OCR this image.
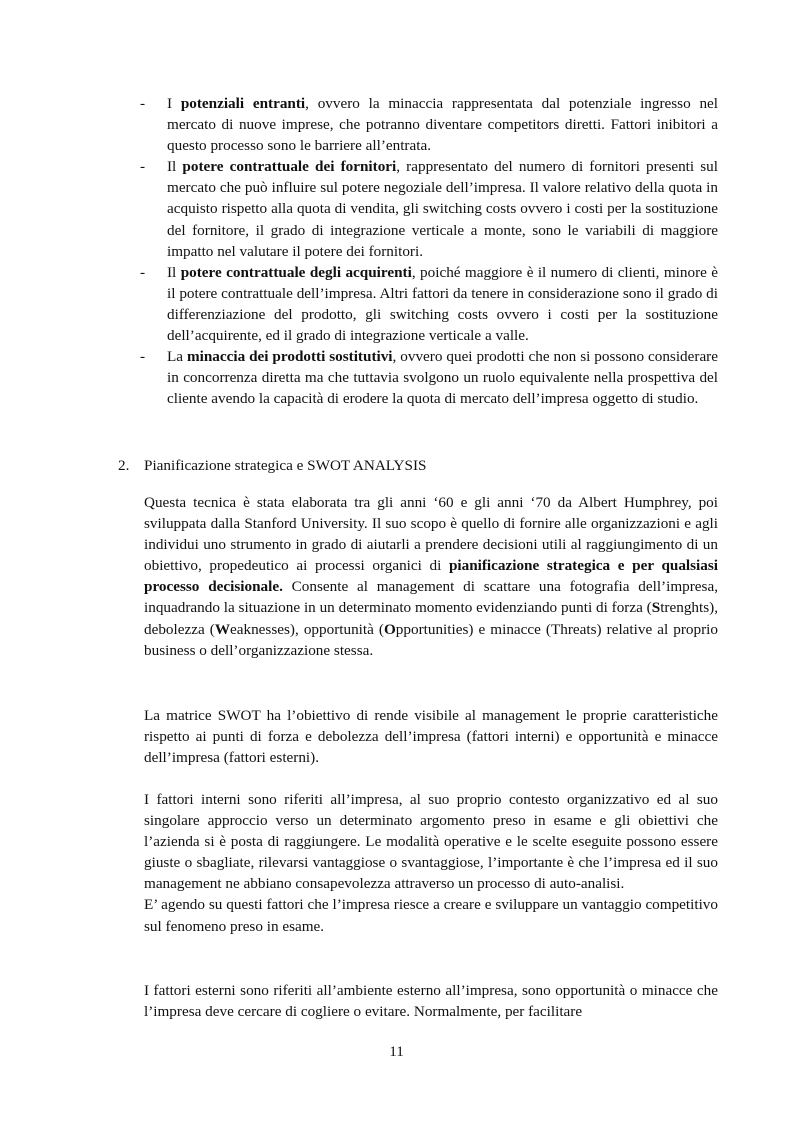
- I potenziali entranti, ovvero la minaccia rappresentata dal potenziale ingresso nel mercato di nuove imprese, che potranno diventare competitors diretti. Fattori inibitori a questo processo sono le barriere all’entrata.
- Il potere contrattuale dei fornitori, rappresentato del numero di fornitori presenti sul mercato che può influire sul potere negoziale dell’impresa. Il valore relativo della quota in acquisto rispetto alla quota di vendita, gli switching costs ovvero i costi per la sostituzione del fornitore, il grado di integrazione verticale a monte, sono le variabili di maggiore impatto nel valutare il potere dei fornitori.
- Il potere contrattuale degli acquirenti, poiché maggiore è il numero di clienti, minore è il potere contrattuale dell’impresa. Altri fattori da tenere in considerazione sono il grado di differenziazione del prodotto, gli switching costs ovvero i costi per la sostituzione dell’acquirente, ed il grado di integrazione verticale a valle.
- La minaccia dei prodotti sostitutivi, ovvero quei prodotti che non si possono considerare in concorrenza diretta ma che tuttavia svolgono un ruolo equivalente nella prospettiva del cliente avendo la capacità di erodere la quota di mercato dell’impresa oggetto di studio.
2. Pianificazione strategica e SWOT ANALYSIS

Questa tecnica è stata elaborata tra gli anni ‘60 e gli anni ‘70 da Albert Humphrey, poi sviluppata dalla Stanford University. Il suo scopo è quello di fornire alle organizzazioni e agli individui uno strumento in grado di aiutarli a prendere decisioni utili al raggiungimento di un obiettivo, propedeutico ai processi organici di pianificazione strategica e per qualsiasi processo decisionale. Consente al management di scattare una fotografia dell’impresa, inquadrando la situazione in un determinato momento evidenziando punti di forza (Strenghts), debolezza (Weaknesses), opportunità (Opportunities) e minacce (Threats) relative al proprio business o dell’organizzazione stessa.

La matrice SWOT ha l’obiettivo di rende visibile al management le proprie caratteristiche rispetto ai punti di forza e debolezza dell’impresa (fattori interni) e opportunità e minacce dell’impresa (fattori esterni).

I fattori interni sono riferiti all’impresa, al suo proprio contesto organizzativo ed al suo singolare approccio verso un determinato argomento preso in esame e gli obiettivi che l’azienda si è posta di raggiungere. Le modalità operative e le scelte eseguite possono essere giuste o sbagliate, rilevarsi vantaggiose o svantaggiose, l’importante è che l’impresa ed il suo management ne abbiano consapevolezza attraverso un processo di auto-analisi.

E’ agendo su questi fattori che l’impresa riesce a creare e sviluppare un vantaggio competitivo sul fenomeno preso in esame.

I fattori esterni sono riferiti all’ambiente esterno all’impresa, sono opportunità o minacce che l’impresa deve cercare di cogliere o evitare. Normalmente, per facilitare

11
